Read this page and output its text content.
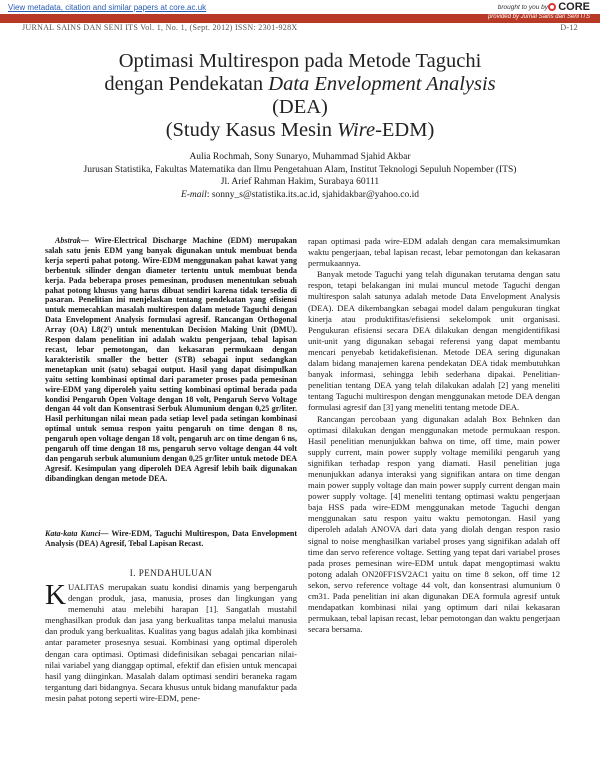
View metadata, citation and similar papers at core.ac.uk	brought to you by CORE
provided by Jurnal Sains dan Seni ITS
JURNAL SAINS DAN SENI ITS Vol. 1, No. 1, (Sept. 2012) ISSN: 2301-928X	D-12
Optimasi Multirespon pada Metode Taguchi
dengan Pendekatan Data Envelopment Analysis
(DEA)
(Study Kasus Mesin Wire-EDM)
Aulia Rochmah, Sony Sunaryo, Muhammad Sjahid Akbar
Jurusan Statistika, Fakultas Matematika dan Ilmu Pengetahuan Alam, Institut Teknologi Sepuluh Nopember (ITS)
Jl. Arief Rahman Hakim, Surabaya 60111
E-mail: sonny_s@statistika.its.ac.id, sjahidakbar@yahoo.co.id

Abstrak— Wire-Electrical Discharge Machine (EDM) merupakan salah satu jenis EDM yang banyak digunakan untuk membuat benda kerja seperti pahat potong. Wire-EDM menggunakan pahat kawat yang berbentuk silinder dengan diameter tertentu untuk membuat benda kerja. Pada beberapa proses pemesinan, produsen menentukan sebuah pahat potong khusus yang harus dibuat sendiri karena tidak tersedia di pasaran. Penelitian ini menjelaskan tentang pendekatan yang efisiensi untuk memecahkan masalah multirespon dalam metode Taguchi dengan Data Envelopment Analysis formulasi agresif. Rancangan Orthogonal Array (OA) L8(2⁷) untuk menentukan Decision Making Unit (DMU). Respon dalam penelitian ini adalah waktu pengerjaan, tebal lapisan recast, lebar pemotongan, dan kekasaran permukaan dengan karakteristik smaller the better (STB) sebagai input sedangkan menetapkan unit (satu) sebagai output. Hasil yang dapat disimpulkan yaitu setting kombinasi optimal dari parameter proses pada pemesinan wire-EDM yang diperoleh yaitu setting kombinasi optimal berada pada kondisi Pengaruh Open Voltage dengan 18 volt, Pengaruh Servo Voltage dengan 44 volt dan Konsentrasi Serbuk Alumunium dengan 0,25 gr/liter. Hasil perhitungan nilai mean pada setiap level pada setingan kombinasi optimal untuk semua respon yaitu pengaruh on time dengan 8 ns, pengaruh open voltage dengan 18 volt, pengaruh arc on time dengan 6 ns, pengaruh off time dengan 18 ms, pengaruh servo voltage dengan 44 volt dan pengaruh serbuk alumunium dengan 0,25 gr/liter untuk metode DEA Agresif. Kesimpulan yang diperoleh DEA Agresif lebih baik digunakan dibandingkan dengan metode DEA.

Kata-kata Kunci— Wire-EDM, Taguchi Multirespon, Data Envelopment Analysis (DEA) Agresif, Tebal Lapisan Recast.
I. PENDAHULUAN
KUALITAS merupakan suatu kondisi dinamis yang berpengaruh dengan produk, jasa, manusia, proses dan lingkungan yang memenuhi atau melebihi harapan [1]. Sangatlah mustahil menghasilkan produk dan jasa yang berkualitas tanpa melalui manusia dan produk yang berkualitas. Kualitas yang bagus adalah jika kombinasi antar parameter prosesnya sesuai. Kombinasi yang optimal diperoleh dengan cara optimasi. Optimasi didefinisikan sebagai pencarian nilai-nilai variabel yang dianggap optimal, efektif dan efisien untuk mencapai hasil yang diinginkan. Masalah dalam optimasi sendiri beraneka ragam tergantung dari bidangnya. Secara khusus untuk bidang manufaktur pada mesin pahat potong seperti wire-EDM, pene-

rapan optimasi pada wire-EDM adalah dengan cara memaksimumkan waktu pengerjaan, tebal lapisan recast, lebar pemotongan dan kekasaran permukaannya.

Banyak metode Taguchi yang telah digunakan terutama dengan satu respon, tetapi belakangan ini mulai muncul metode Taguchi dengan multirespon salah satunya adalah metode Data Envelopment Analysis (DEA). DEA dikembangkan sebagai model dalam pengukuran tingkat kinerja atau produktifitas/efisiensi sekelompok unit organisasi. Pengukuran efisiensi secara DEA dilakukan dengan mengidentifikasi unit-unit yang digunakan sebagai referensi yang dapat membantu mencari penyebab ketidakefisienan. Metode DEA sering digunakan dalam bidang manajemen karena pendekatan DEA tidak membutuhkan banyak informasi, sehingga lebih sederhana dipakai. Penelitian-penelitian tentang DEA yang telah dilakukan adalah [2] yang meneliti tentang Taguchi multirespon dengan menggunakan metode DEA dengan formulasi agresif dan [3] yang meneliti tentang metode DEA.

Rancangan percobaan yang digunakan adalah Box Behnken dan optimasi dilakukan dengan menggunakan metode permukaan respon. Hasil penelitian menunjukkan bahwa on time, off time, main power supply current, main power supply voltage memiliki pengaruh yang signifikan terhadap respon yang diamati. Hasil penelitian juga menunjukkan adanya interaksi yang signifikan antara on time dengan main power supply voltage dan main power supply current dengan main power supply voltage. [4] meneliti tentang optimasi waktu pengerjaan baja HSS pada wire-EDM menggunakan metode Taguchi dengan menggunakan satu respon yaitu waktu pemotongan. Hasil yang diperoleh adalah ANOVA dari data yang diolah dengan respon rasio signal to noise menghasilkan variabel proses yang signifikan adalah off time dan servo reference voltage. Setting yang tepat dari variabel proses pada proses pemesinan wire-EDM untuk dapat mengoptimasi waktu potong adalah ON20FF1SV2AC1 yaitu on time 8 sekon, off time 12 sekon, servo reference voltage 44 volt, dan konsentrasi alumunium 0 cm31. Pada penelitian ini akan digunakan DEA formula agresif untuk mendapatkan kombinasi nilai yang optimum dari nilai kekasaran permukaan, tebal lapisan recast, lebar pemotongan dan waktu pengerjaan secara bersama.
